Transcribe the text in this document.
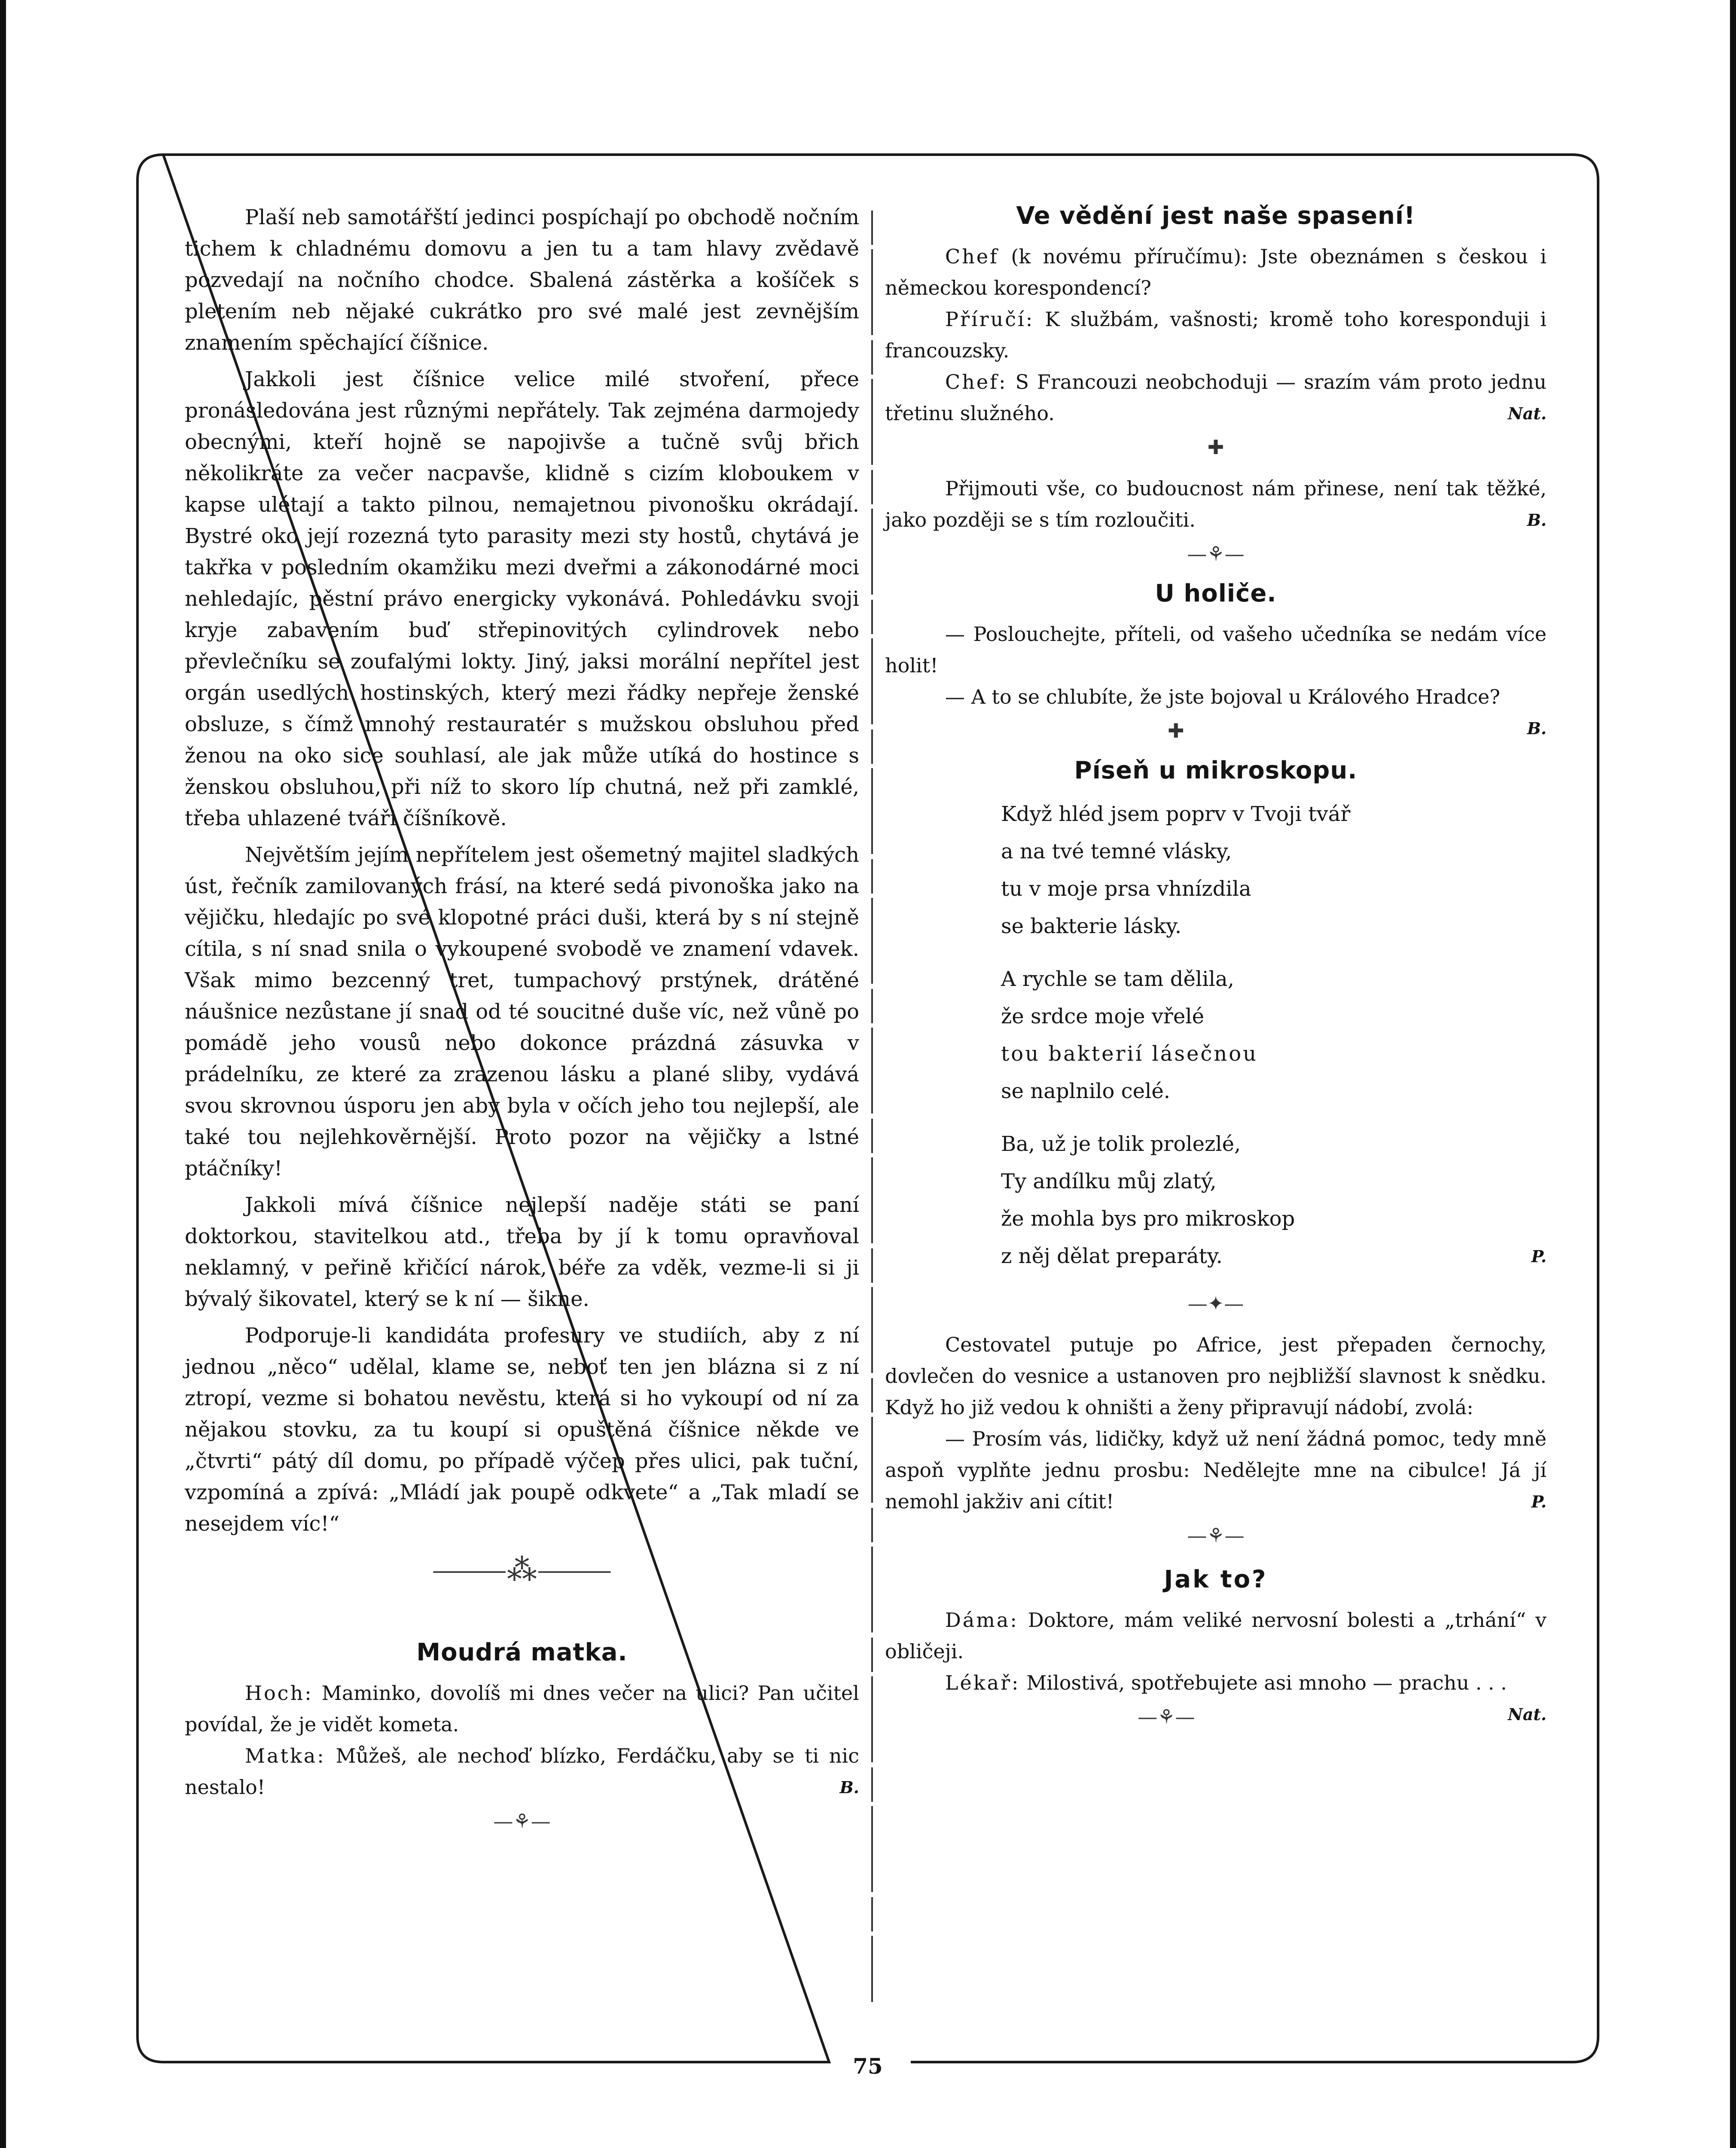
Plaší neb samotářští jedinci pospíchají po obchodě nočním tichem k chladnému domovu a jen tu a tam hlavy zvědavě pozvedají na nočního chodce. Sbalená zástěrka a košíček s pletením neb nějaké cukrátko pro své malé jest zevnějším znamením spěchající číšnice.

Jakkoli jest číšnice velice milé stvoření, přece pronásledována jest různými nepřátely. Tak zejména darmojedy obecnými, kteří hojně se napojivše a tučně svůj břich několikráte za večer nacpavše, klidně s cizím kloboukem v kapse ulétají a takto pilnou, nemajetnou pivonošku okrádají. Bystré oko její rozezná tyto parasity mezi sty hostů, chytává je takřka v posledním okamžiku mezi dveřmi a zákonodárné moci nehledajíc, pěstní právo energicky vykonává. Pohledávku svoji kryje zabavením buď střepinovitých cylindrovek nebo převlečníku se zoufalými lokty. Jiný, jaksi morální nepřítel jest orgán usedlých hostinských, který mezi řádky nepřeje ženské obsluze, s čímž mnohý restauratér s mužskou obsluhou před ženou na oko sice souhlasí, ale jak může utíká do hostince s ženskou obsluhou, při níž to skoro líp chutná, než při zamklé, třeba uhlazené tváři číšníkově.

Největším jejím nepřítelem jest ošemetný majitel sladkých úst, řečník zamilovaných frásí, na které sedá pivonoška jako na vějičku, hledajíc po své klopotné práci duši, která by s ní stejně cítila, s ní snad snila o vykoupené svobodě ve znamení vdavek. Však mimo bezcenný tret, tumpachový prstýnek, drátěné náušnice nezůstane jí snad od té soucitné duše víc, než vůně po pomádě jeho vousů nebo dokonce prázdná zásuvka v prádelníku, ze které za zrazenou lásku a plané sliby, vydává svou skrovnou úsporu jen aby byla v očích jeho tou nejlepší, ale také tou nejlehkověrnější. Proto pozor na vějičky a lstné ptáčníky!

Jakkoli mívá číšnice nejlepší naděje státi se paní doktorkou, stavitelkou atd., třeba by jí k tomu opravňoval neklamný, v peřině křičící nárok, béře za vděk, vezme-li si ji bývalý šikovatel, který se k ní — šikne.

Podporuje-li kandidáta profesury ve studiích, aby z ní jednou „něco“ udělal, klame se, neboť ten jen blázna si z ní ztropí, vezme si bohatou nevěstu, která si ho vykoupí od ní za nějakou stovku, za tu koupí si opuštěná číšnice někde ve „čtvrti“ pátý díl domu, po případě výčep přes ulici, pak tuční, vzpomíná a zpívá: „Mládí jak poupě odkvete“ a „Tak mladí se nesejdem víc!“

⸻⁂⸻
Moudrá matka.

Hoch: Maminko, dovolíš mi dnes večer na ulici? Pan učitel povídal, že je vidět kometa.

Matka: Můžeš, ale nechoď blízko, Ferdáčku, aby se ti nic nestalo!	B.

—⚘—
Ve vědění jest naše spasení!

Chef (k novému příručímu): Jste obeznámen s českou i německou korespondencí?

Příručí: K službám, vašnosti; kromě toho koresponduji i francouzsky.

Chef: S Francouzi neobchoduji — srazím vám proto jednu třetinu služného.	Nat.

✚

Přijmouti vše, co budoucnost nám přinese, není tak těžké, jako později se s tím rozloučiti.	B.

—⚘—
U holiče.

— Poslouchejte, příteli, od vašeho učedníka se nedám více holit!

— A to se chlubíte, že jste bojoval u Králového Hradce?
B.

✚
Píseň u mikroskopu.
Když hléd jsem poprv v Tvoji tvář
a na tvé temné vlásky,
tu v moje prsa vhnízdila
se bakterie lásky.
A rychle se tam dělila,
že srdce moje vřelé
tou bakterií lásečnou
se naplnilo celé.
Ba, už je tolik prolezlé,
Ty andílku můj zlatý,
že mohla bys pro mikroskop
z něj dělat preparáty.	P.
—✦—

Cestovatel putuje po Africe, jest přepaden černochy, dovlečen do vesnice a ustanoven pro nejbližší slavnost k snědku. Když ho již vedou k ohništi a ženy připravují nádobí, zvolá:

— Prosím vás, lidičky, když už není žádná pomoc, tedy mně aspoň vyplňte jednu prosbu: Nedělejte mne na cibulce! Já jí nemohl jakživ ani cítit!	P.

—⚘—
Jak to?

Dáma: Doktore, mám veliké nervosní bolesti a „trhání“ v obličeji.

Lékař: Milostivá, spotřebujete asi mnoho — prachu . . .
Nat.

—⚘—
75
